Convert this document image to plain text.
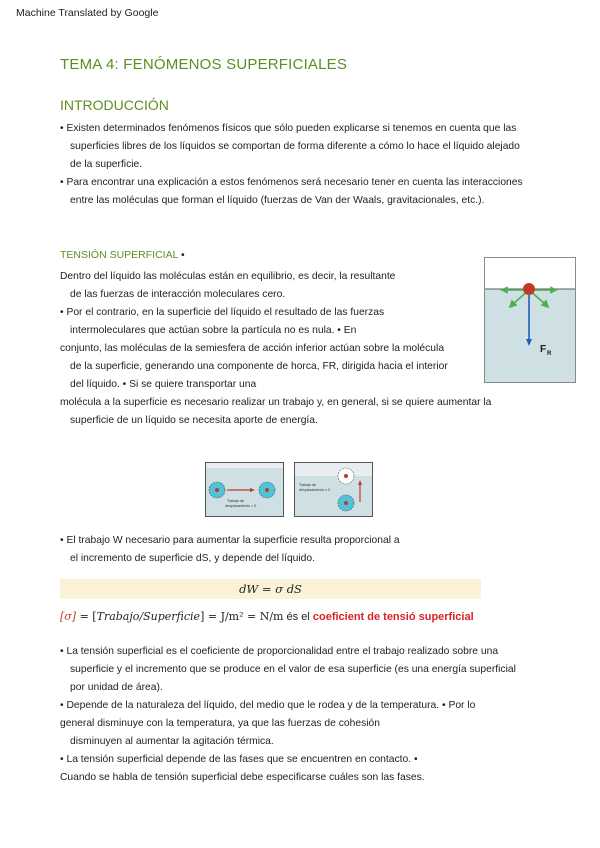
Machine Translated by Google
TEMA 4: FENÓMENOS SUPERFICIALES
INTRODUCCIÓN
• Existen determinados fenómenos físicos que sólo pueden explicarse si tenemos en cuenta que las
superficies libres de los líquidos se comportan de forma diferente a cómo lo hace el líquido alejado
de la superficie.
• Para encontrar una explicación a estos fenómenos será necesario tener en cuenta las interacciones
entre las moléculas que forman el líquido (fuerzas de Van der Waals, gravitacionales, etc.).
TENSIÓN SUPERFICIAL •
Dentro del líquido las moléculas están en equilibrio, es decir, la resultante
de las fuerzas de interacción moleculares cero.
• Por el contrario, en la superficie del líquido el resultado de las fuerzas
intermoleculares que actúan sobre la partícula no es nula. • En
conjunto, las moléculas de la semiesfera de acción inferior actúan sobre la molécula
de la superficie, generando una componente de horca, FR, dirigida hacia el interior
del líquido. • Si se quiere transportar una
molécula a la superficie es necesario realizar un trabajo y, en general, si se quiere aumentar la
superficie de un líquido se necesita aporte de energía.
F R
Trabajo de
desplazamiento = 0
Trabajo de
desplazamiento ≠ 0
• El trabajo W necesario para aumentar la superficie resulta proporcional a
el incremento de superficie dS, y depende del líquido.
dW = σ dS
[σ] = [Trabajo/Superficie] = J/m² = N/m és el coeficient de tensió superficial
• La tensión superficial es el coeficiente de proporcionalidad entre el trabajo realizado sobre una
superficie y el incremento que se produce en el valor de esa superficie (es una energía superficial
por unidad de área).
• Depende de la naturaleza del líquido, del medio que le rodea y de la temperatura. • Por lo
general disminuye con la temperatura, ya que las fuerzas de cohesión
disminuyen al aumentar la agitación térmica.
• La tensión superficial depende de las fases que se encuentren en contacto. •
Cuando se habla de tensión superficial debe especificarse cuáles son las fases.
